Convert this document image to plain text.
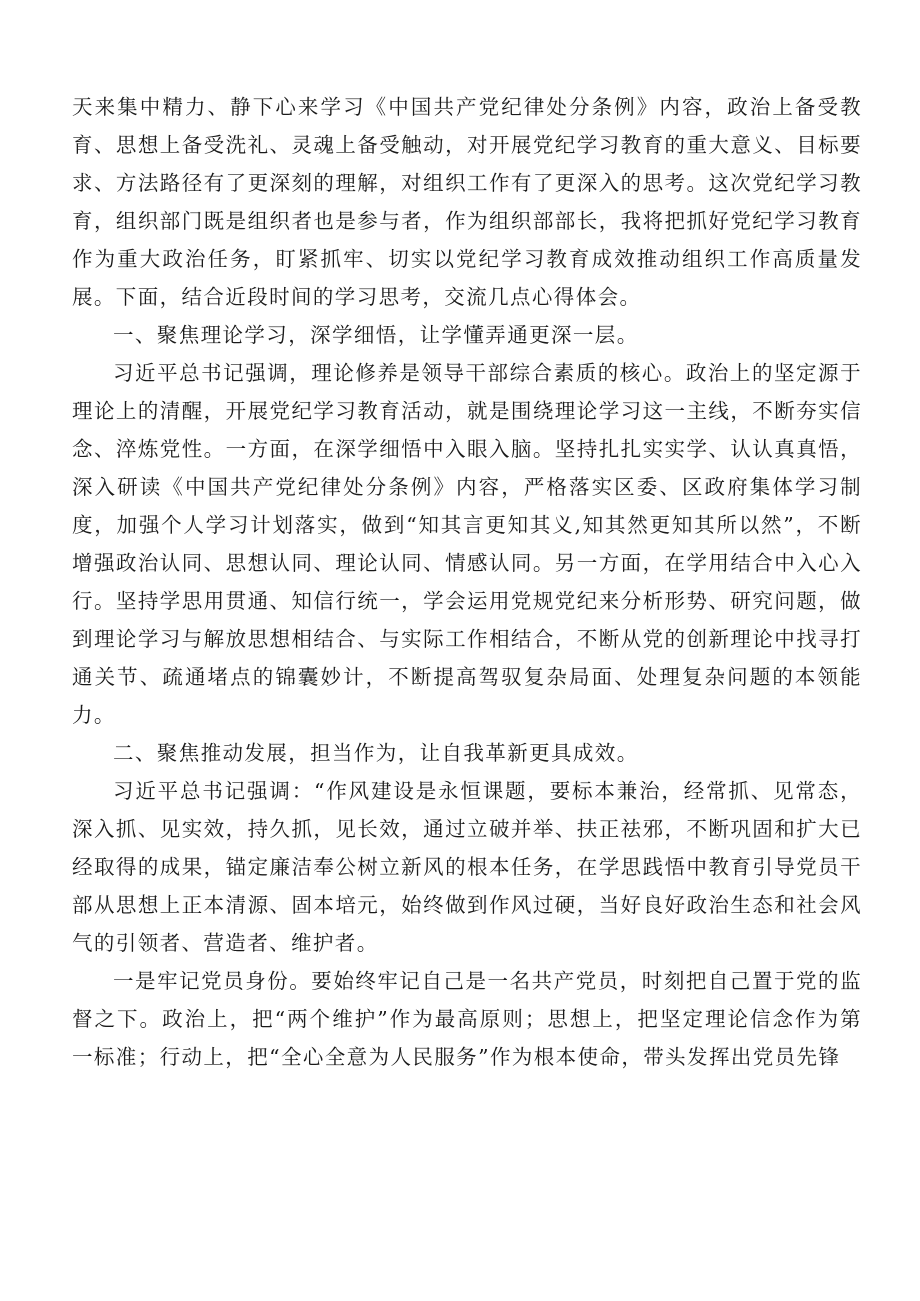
天来集中精力、静下心来学习《中国共产党纪律处分条例》内容，政治上备受教育、思想上备受洗礼、灵魂上备受触动，对开展党纪学习教育的重大意义、目标要求、方法路径有了更深刻的理解，对组织工作有了更深入的思考。这次党纪学习教育，组织部门既是组织者也是参与者，作为组织部部长，我将把抓好党纪学习教育作为重大政治任务，盯紧抓牢、切实以党纪学习教育成效推动组织工作高质量发展。下面，结合近段时间的学习思考，交流几点心得体会。

一、聚焦理论学习，深学细悟，让学懂弄通更深一层。

习近平总书记强调，理论修养是领导干部综合素质的核心。政治上的坚定源于理论上的清醒，开展党纪学习教育活动，就是围绕理论学习这一主线，不断夯实信念、淬炼党性。一方面，在深学细悟中入眼入脑。坚持扎扎实实学、认认真真悟，深入研读《中国共产党纪律处分条例》内容，严格落实区委、区政府集体学习制度，加强个人学习计划落实，做到“知其言更知其义,知其然更知其所以然”，不断增强政治认同、思想认同、理论认同、情感认同。另一方面，在学用结合中入心入行。坚持学思用贯通、知信行统一，学会运用党规党纪来分析形势、研究问题，做到理论学习与解放思想相结合、与实际工作相结合，不断从党的创新理论中找寻打通关节、疏通堵点的锦囊妙计，不断提高驾驭复杂局面、处理复杂问题的本领能力。

二、聚焦推动发展，担当作为，让自我革新更具成效。

习近平总书记强调：“作风建设是永恒课题，要标本兼治，经常抓、见常态，深入抓、见实效，持久抓，见长效，通过立破并举、扶正祛邪，不断巩固和扩大已经取得的成果，锚定廉洁奉公树立新风的根本任务，在学思践悟中教育引导党员干部从思想上正本清源、固本培元，始终做到作风过硬，当好良好政治生态和社会风气的引领者、营造者、维护者。

一是牢记党员身份。要始终牢记自己是一名共产党员，时刻把自己置于党的监督之下。政治上，把“两个维护”作为最高原则；思想上，把坚定理论信念作为第一标准；行动上，把“全心全意为人民服务”作为根本使命，带头发挥出党员先锋
